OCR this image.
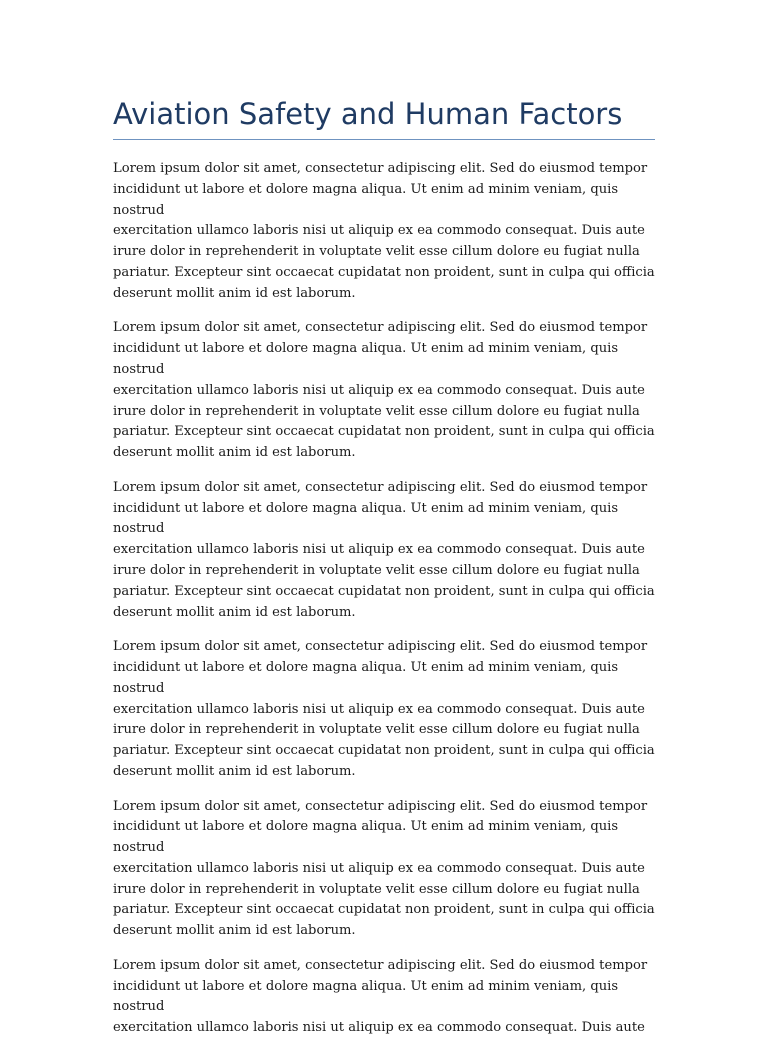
Aviation Safety and Human Factors

Lorem ipsum dolor sit amet, consectetur adipiscing elit. Sed do eiusmod tempor
incididunt ut labore et dolore magna aliqua. Ut enim ad minim veniam, quis nostrud
exercitation ullamco laboris nisi ut aliquip ex ea commodo consequat. Duis aute
irure dolor in reprehenderit in voluptate velit esse cillum dolore eu fugiat nulla
pariatur. Excepteur sint occaecat cupidatat non proident, sunt in culpa qui officia
deserunt mollit anim id est laborum.

Lorem ipsum dolor sit amet, consectetur adipiscing elit. Sed do eiusmod tempor
incididunt ut labore et dolore magna aliqua. Ut enim ad minim veniam, quis nostrud
exercitation ullamco laboris nisi ut aliquip ex ea commodo consequat. Duis aute
irure dolor in reprehenderit in voluptate velit esse cillum dolore eu fugiat nulla
pariatur. Excepteur sint occaecat cupidatat non proident, sunt in culpa qui officia
deserunt mollit anim id est laborum.

Lorem ipsum dolor sit amet, consectetur adipiscing elit. Sed do eiusmod tempor
incididunt ut labore et dolore magna aliqua. Ut enim ad minim veniam, quis nostrud
exercitation ullamco laboris nisi ut aliquip ex ea commodo consequat. Duis aute
irure dolor in reprehenderit in voluptate velit esse cillum dolore eu fugiat nulla
pariatur. Excepteur sint occaecat cupidatat non proident, sunt in culpa qui officia
deserunt mollit anim id est laborum.

Lorem ipsum dolor sit amet, consectetur adipiscing elit. Sed do eiusmod tempor
incididunt ut labore et dolore magna aliqua. Ut enim ad minim veniam, quis nostrud
exercitation ullamco laboris nisi ut aliquip ex ea commodo consequat. Duis aute
irure dolor in reprehenderit in voluptate velit esse cillum dolore eu fugiat nulla
pariatur. Excepteur sint occaecat cupidatat non proident, sunt in culpa qui officia
deserunt mollit anim id est laborum.

Lorem ipsum dolor sit amet, consectetur adipiscing elit. Sed do eiusmod tempor
incididunt ut labore et dolore magna aliqua. Ut enim ad minim veniam, quis nostrud
exercitation ullamco laboris nisi ut aliquip ex ea commodo consequat. Duis aute
irure dolor in reprehenderit in voluptate velit esse cillum dolore eu fugiat nulla
pariatur. Excepteur sint occaecat cupidatat non proident, sunt in culpa qui officia
deserunt mollit anim id est laborum.

Lorem ipsum dolor sit amet, consectetur adipiscing elit. Sed do eiusmod tempor
incididunt ut labore et dolore magna aliqua. Ut enim ad minim veniam, quis nostrud
exercitation ullamco laboris nisi ut aliquip ex ea commodo consequat. Duis aute
